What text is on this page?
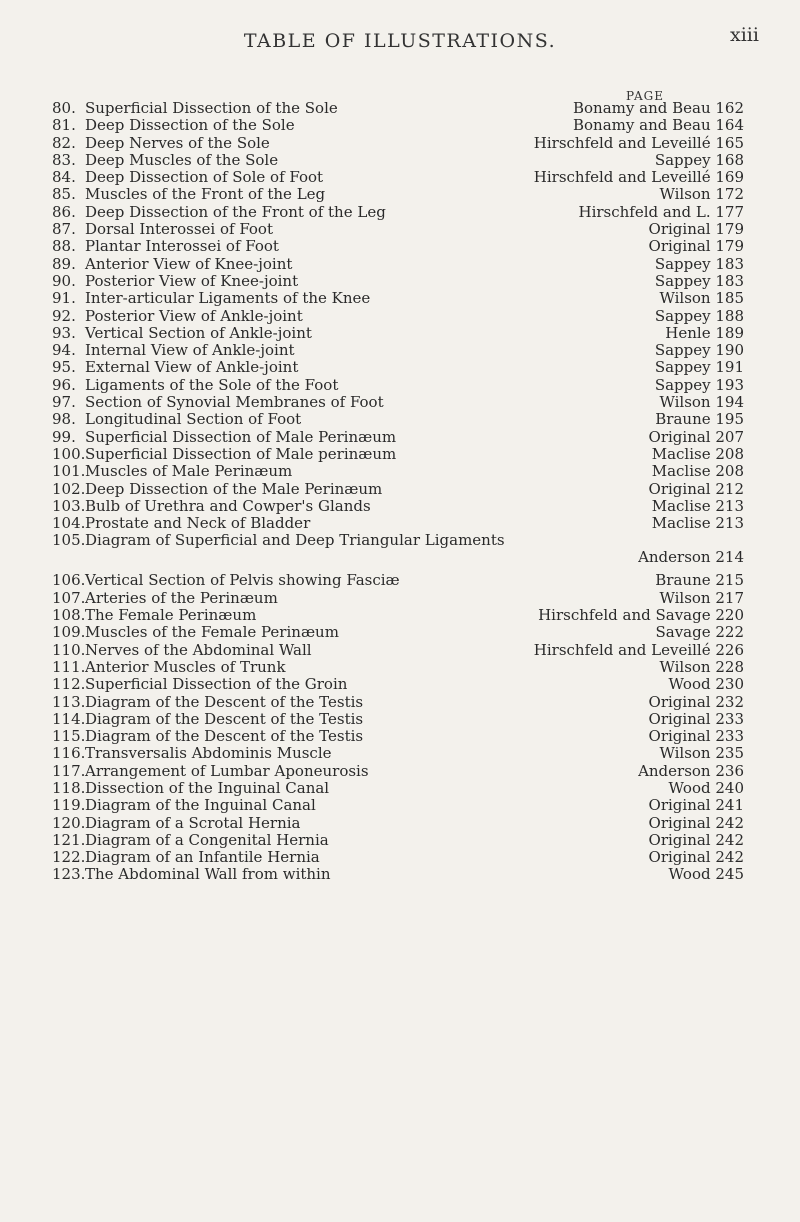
TABLE OF ILLUSTRATIONS.	xiii
PAGE
80. Superficial Dissection of the Sole	Bonamy and Beau 162
81. Deep Dissection of the Sole	Bonamy and Beau 164
82. Deep Nerves of the Sole	Hirschfeld and Leveillé 165
83. Deep Muscles of the Sole	Sappey 168
84. Deep Dissection of Sole of Foot	Hirschfeld and Leveillé 169
85. Muscles of the Front of the Leg	Wilson 172
86. Deep Dissection of the Front of the Leg	Hirschfeld and L. 177
87. Dorsal Interossei of Foot	Original 179
88. Plantar Interossei of Foot	Original 179
89. Anterior View of Knee-joint	Sappey 183
90. Posterior View of Knee-joint	Sappey 183
91. Inter-articular Ligaments of the Knee	Wilson 185
92. Posterior View of Ankle-joint	Sappey 188
93. Vertical Section of Ankle-joint	Henle 189
94. Internal View of Ankle-joint	Sappey 190
95. External View of Ankle-joint	Sappey 191
96. Ligaments of the Sole of the Foot	Sappey 193
97. Section of Synovial Membranes of Foot	Wilson 194
98. Longitudinal Section of Foot	Braune 195
99. Superficial Dissection of Male Perinæum	Original 207
100. Superficial Dissection of Male perinæum	Maclise 208
101. Muscles of Male Perinæum	Maclise 208
102. Deep Dissection of the Male Perinæum	Original 212
103. Bulb of Urethra and Cowper's Glands	Maclise 213
104. Prostate and Neck of Bladder	Maclise 213
105. Diagram of Superficial and Deep Triangular Ligaments
Anderson 214
106. Vertical Section of Pelvis showing Fasciæ	Braune 215
107. Arteries of the Perinæum	Wilson 217
108. The Female Perinæum	Hirschfeld and Savage 220
109. Muscles of the Female Perinæum	Savage 222
110. Nerves of the Abdominal Wall	Hirschfeld and Leveillé 226
111. Anterior Muscles of Trunk	Wilson 228
112. Superficial Dissection of the Groin	Wood 230
113. Diagram of the Descent of the Testis	Original 232
114. Diagram of the Descent of the Testis	Original 233
115. Diagram of the Descent of the Testis	Original 233
116. Transversalis Abdominis Muscle	Wilson 235
117. Arrangement of Lumbar Aponeurosis	Anderson 236
118. Dissection of the Inguinal Canal	Wood 240
119. Diagram of the Inguinal Canal	Original 241
120. Diagram of a Scrotal Hernia	Original 242
121. Diagram of a Congenital Hernia	Original 242
122. Diagram of an Infantile Hernia	Original 242
123. The Abdominal Wall from within	Wood 245
